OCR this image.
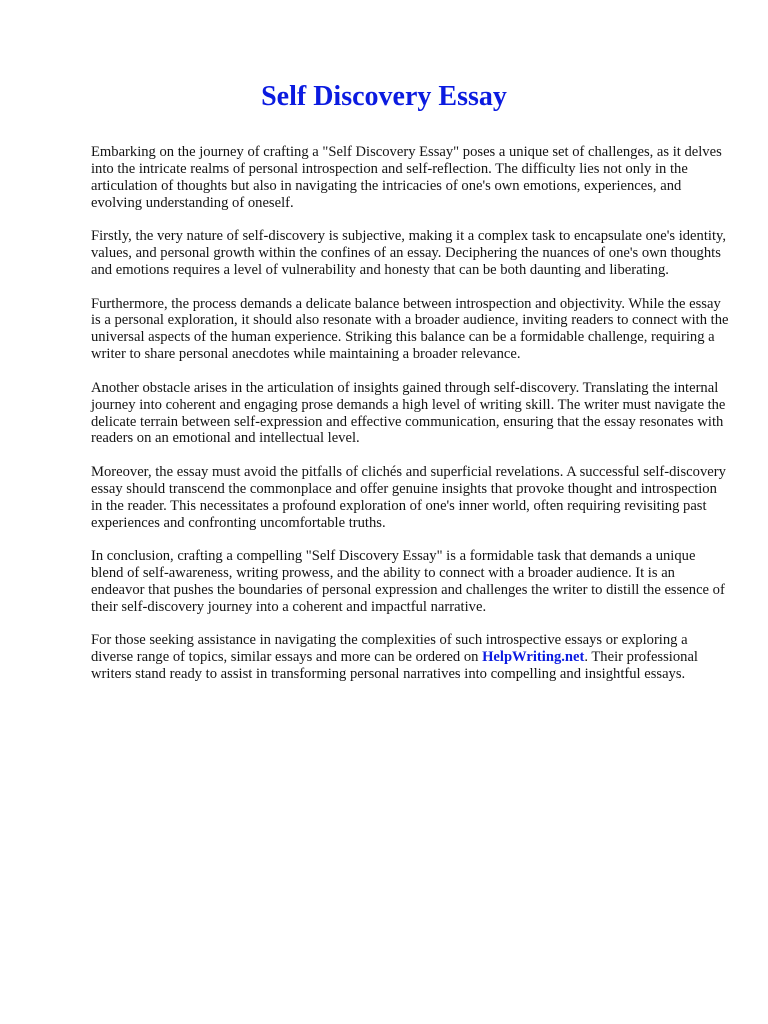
Self Discovery Essay

Embarking on the journey of crafting a "Self Discovery Essay" poses a unique set of challenges, as it delves into the intricate realms of personal introspection and self-reflection. The difficulty lies not only in the articulation of thoughts but also in navigating the intricacies of one's own emotions, experiences, and evolving understanding of oneself.

Firstly, the very nature of self-discovery is subjective, making it a complex task to encapsulate one's identity, values, and personal growth within the confines of an essay. Deciphering the nuances of one's own thoughts and emotions requires a level of vulnerability and honesty that can be both daunting and liberating.

Furthermore, the process demands a delicate balance between introspection and objectivity. While the essay is a personal exploration, it should also resonate with a broader audience, inviting readers to connect with the universal aspects of the human experience. Striking this balance can be a formidable challenge, requiring a writer to share personal anecdotes while maintaining a broader relevance.

Another obstacle arises in the articulation of insights gained through self-discovery. Translating the internal journey into coherent and engaging prose demands a high level of writing skill. The writer must navigate the delicate terrain between self-expression and effective communication, ensuring that the essay resonates with readers on an emotional and intellectual level.

Moreover, the essay must avoid the pitfalls of clichés and superficial revelations. A successful self-discovery essay should transcend the commonplace and offer genuine insights that provoke thought and introspection in the reader. This necessitates a profound exploration of one's inner world, often requiring revisiting past experiences and confronting uncomfortable truths.

In conclusion, crafting a compelling "Self Discovery Essay" is a formidable task that demands a unique blend of self-awareness, writing prowess, and the ability to connect with a broader audience. It is an endeavor that pushes the boundaries of personal expression and challenges the writer to distill the essence of their self-discovery journey into a coherent and impactful narrative.

For those seeking assistance in navigating the complexities of such introspective essays or exploring a diverse range of topics, similar essays and more can be ordered on HelpWriting.net. Their professional writers stand ready to assist in transforming personal narratives into compelling and insightful essays.
